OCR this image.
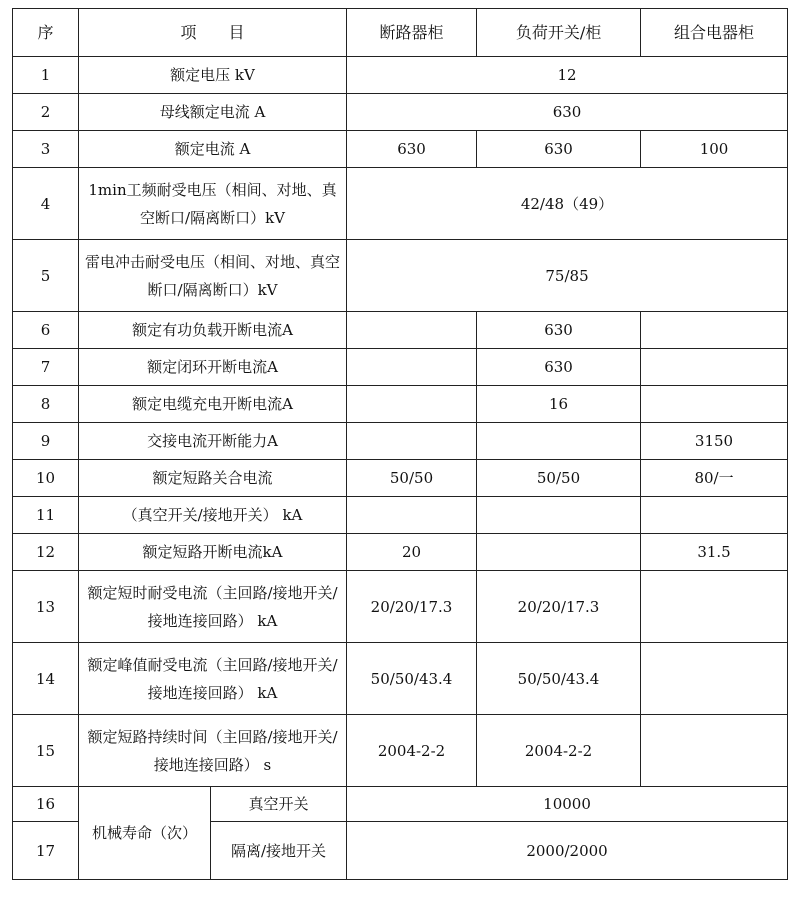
序	项　　目		断路器柜	负荷开关/柜	组合电器柜
1	额定电压 kV		12		
2	母线额定电流 A		630		
3	额定电流 A		630	630	100
4	1min工频耐受电压（相间、对地、真空断口/隔离断口）kV		42/48（49）		
5	雷电冲击耐受电压（相间、对地、真空断口/隔离断口）kV		75/85		
6	额定有功负载开断电流A			630	
7	额定闭环开断电流A			630	
8	额定电缆充电开断电流A			16	
9	交接电流开断能力A				3150
10	额定短路关合电流		50/50	50/50	80/一
11	（真空开关/接地开关） kA				
12	额定短路开断电流kA		20		31.5
13	额定短时耐受电流（主回路/接地开关/接地连接回路） kA		20/20/17.3	20/20/17.3	
14	额定峰值耐受电流（主回路/接地开关/接地连接回路） kA		50/50/43.4	50/50/43.4	
15	额定短路持续时间（主回路/接地开关/接地连接回路） s		2004-2-2	2004-2-2	
16	机械寿命（次）	真空开关	10000		
17		隔离/接地开关	2000/2000		
